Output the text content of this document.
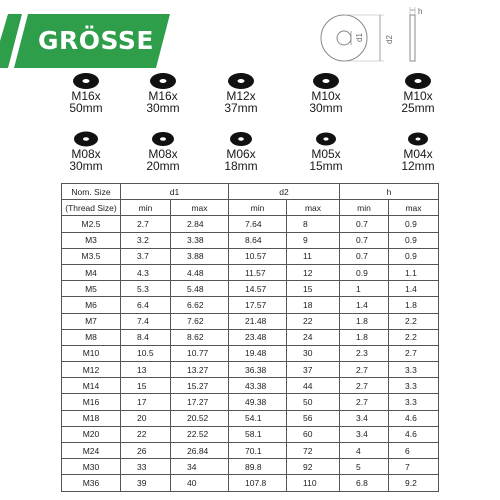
GRÖSSE	d1	d2
h
M16x
50mm
M16x
30mm
M12x
37mm
M10x
30mm
M10x
25mm
M08x
30mm
M08x
20mm
M06x
18mm
M05x
15mm
M04x
12mm
Nom. Size	d1		d2		h	
(Thread Size)	min	max	min	max	min	max
M2.5	2.7	2.84	7.64	8	0.7	0.9
M3	3.2	3.38	8.64	9	0.7	0.9
M3.5	3.7	3.88	10.57	11	0.7	0.9
M4	4.3	4.48	11.57	12	0.9	1.1
M5	5.3	5.48	14.57	15	1	1.4
M6	6.4	6.62	17.57	18	1.4	1.8
M7	7.4	7.62	21.48	22	1.8	2.2
M8	8.4	8.62	23.48	24	1.8	2.2
M10	10.5	10.77	19.48	30	2.3	2.7
M12	13	13.27	36.38	37	2.7	3.3
M14	15	15.27	43.38	44	2.7	3.3
M16	17	17.27	49.38	50	2.7	3.3
M18	20	20.52	54.1	56	3.4	4.6
M20	22	22.52	58.1	60	3.4	4.6
M24	26	26.84	70.1	72	4	6
M30	33	34	89.8	92	5	7
M36	39	40	107.8	110	6.8	9.2
